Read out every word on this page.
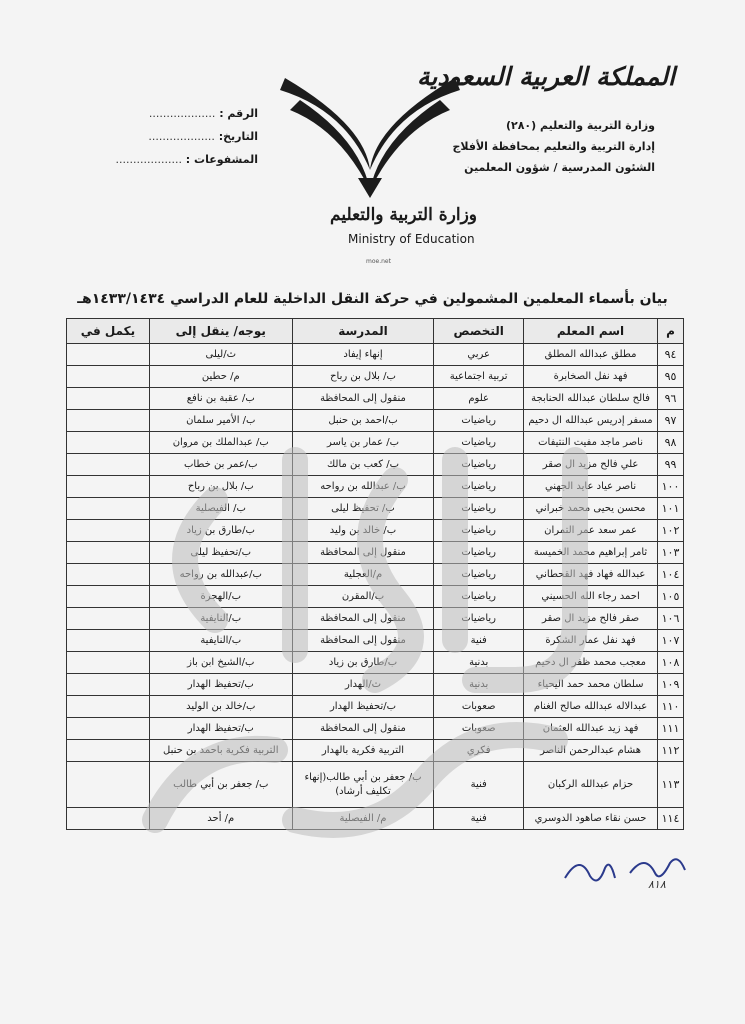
المملكة العربية السعودية
وزارة التربية والتعليم (٢٨٠)
إدارة التربية والتعليم بمحافظة الأفلاج
الشئون المدرسية / شؤون المعلمين
الرقم : ...................
التاريخ: ...................
المشفوعات : ...................
وزارة التربية والتعليم
Ministry of Education
moe.net
بيان بأسماء المعلمين المشمولين في حركة النقل الداخلية للعام الدراسي ١٤٣٣/١٤٣٤هـ
م	اسم المعلم	التخصص	المدرسة	يوجه/ ينقل إلى	يكمل في
٩٤	مطلق عبدالله المطلق	عربي	إنهاء إيفاد	ث/ليلى	
٩٥	فهد نفل الصخابرة	تربية اجتماعية	ب/ بلال بن رباح	م/ حطين	
٩٦	فالح سلطان عبدالله الحنابجة	علوم	منقول إلى المحافظة	ب/ عقبة بن نافع	
٩٧	مسفر إدريس عبدالله ال دحيم	رياضيات	ب/احمد بن حنبل	ب/ الأمير سلمان	
٩٨	ناصر ماجد مفيت النتيفات	رياضيات	ب/ عمار بن ياسر	ب/ عبدالملك بن مروان	
٩٩	علي فالح مزيد ال صقر	رياضيات	ب/ كعب بن مالك	ب/عمر بن خطاب	
١٠٠	ناصر عياد عايد الجهني	رياضيات	ب/ عبدالله بن رواحه	ب/ بلال بن رباح	
١٠١	محسن يحيى محمد خبراني	رياضيات	ب/ تحفيظ ليلى	ب/ الفيصلية	
١٠٢	عمر سعد عمر التمران	رياضيات	ب/ خالد بن وليد	ب/طارق بن زياد	
١٠٣	ثامر إبراهيم محمد الخميسة	رياضيات	منقول إلى المحافظة	ب/تحفيظ ليلى	
١٠٤	عبدالله فهاد فهد القحطاني	رياضيات	م/العجلية	ب/عبدالله بن رواحه	
١٠٥	احمد رجاء الله الحسيني	رياضيات	ب/المقرن	ب/الهجرة	
١٠٦	صقر فالح مزيد ال صقر	رياضيات	منقول إلى المحافظة	ب/النايفية	
١٠٧	فهد نفل عمار الشكرة	فنية	منقول إلى المحافظة	ب/النايفية	
١٠٨	معجب محمد ظفر ال دحيم	بدنية	ب/طارق بن زياد	ب/الشيخ ابن باز	
١٠٩	سلطان محمد حمد اليحياء	بدنية	ث/الهدار	ب/تحفيظ الهدار	
١١٠	عبدالاله عبدالله صالح الغنام	صعوبات	ب/تحفيظ الهدار	ب/خالد بن الوليد	
١١١	فهد زيد عبدالله العثمان	صعوبات	منقول إلى المحافظة	ب/تحفيظ الهدار	
١١٢	هشام عبدالرحمن الناصر	فكري	التربية فكرية بالهدار	التربية فكرية باحمد بن حنبل	
١١٣	حزام عبدالله الركبان	فنية	ب/ جعفر بن أبي طالب(إنهاء تكليف أرشاد)	ب/ جعفر بن أبي طالب	
١١٤	حسن نقاء صاهود الدوسري	فنية	م/ الفيصلية	م/ أحد	
٨١٨
